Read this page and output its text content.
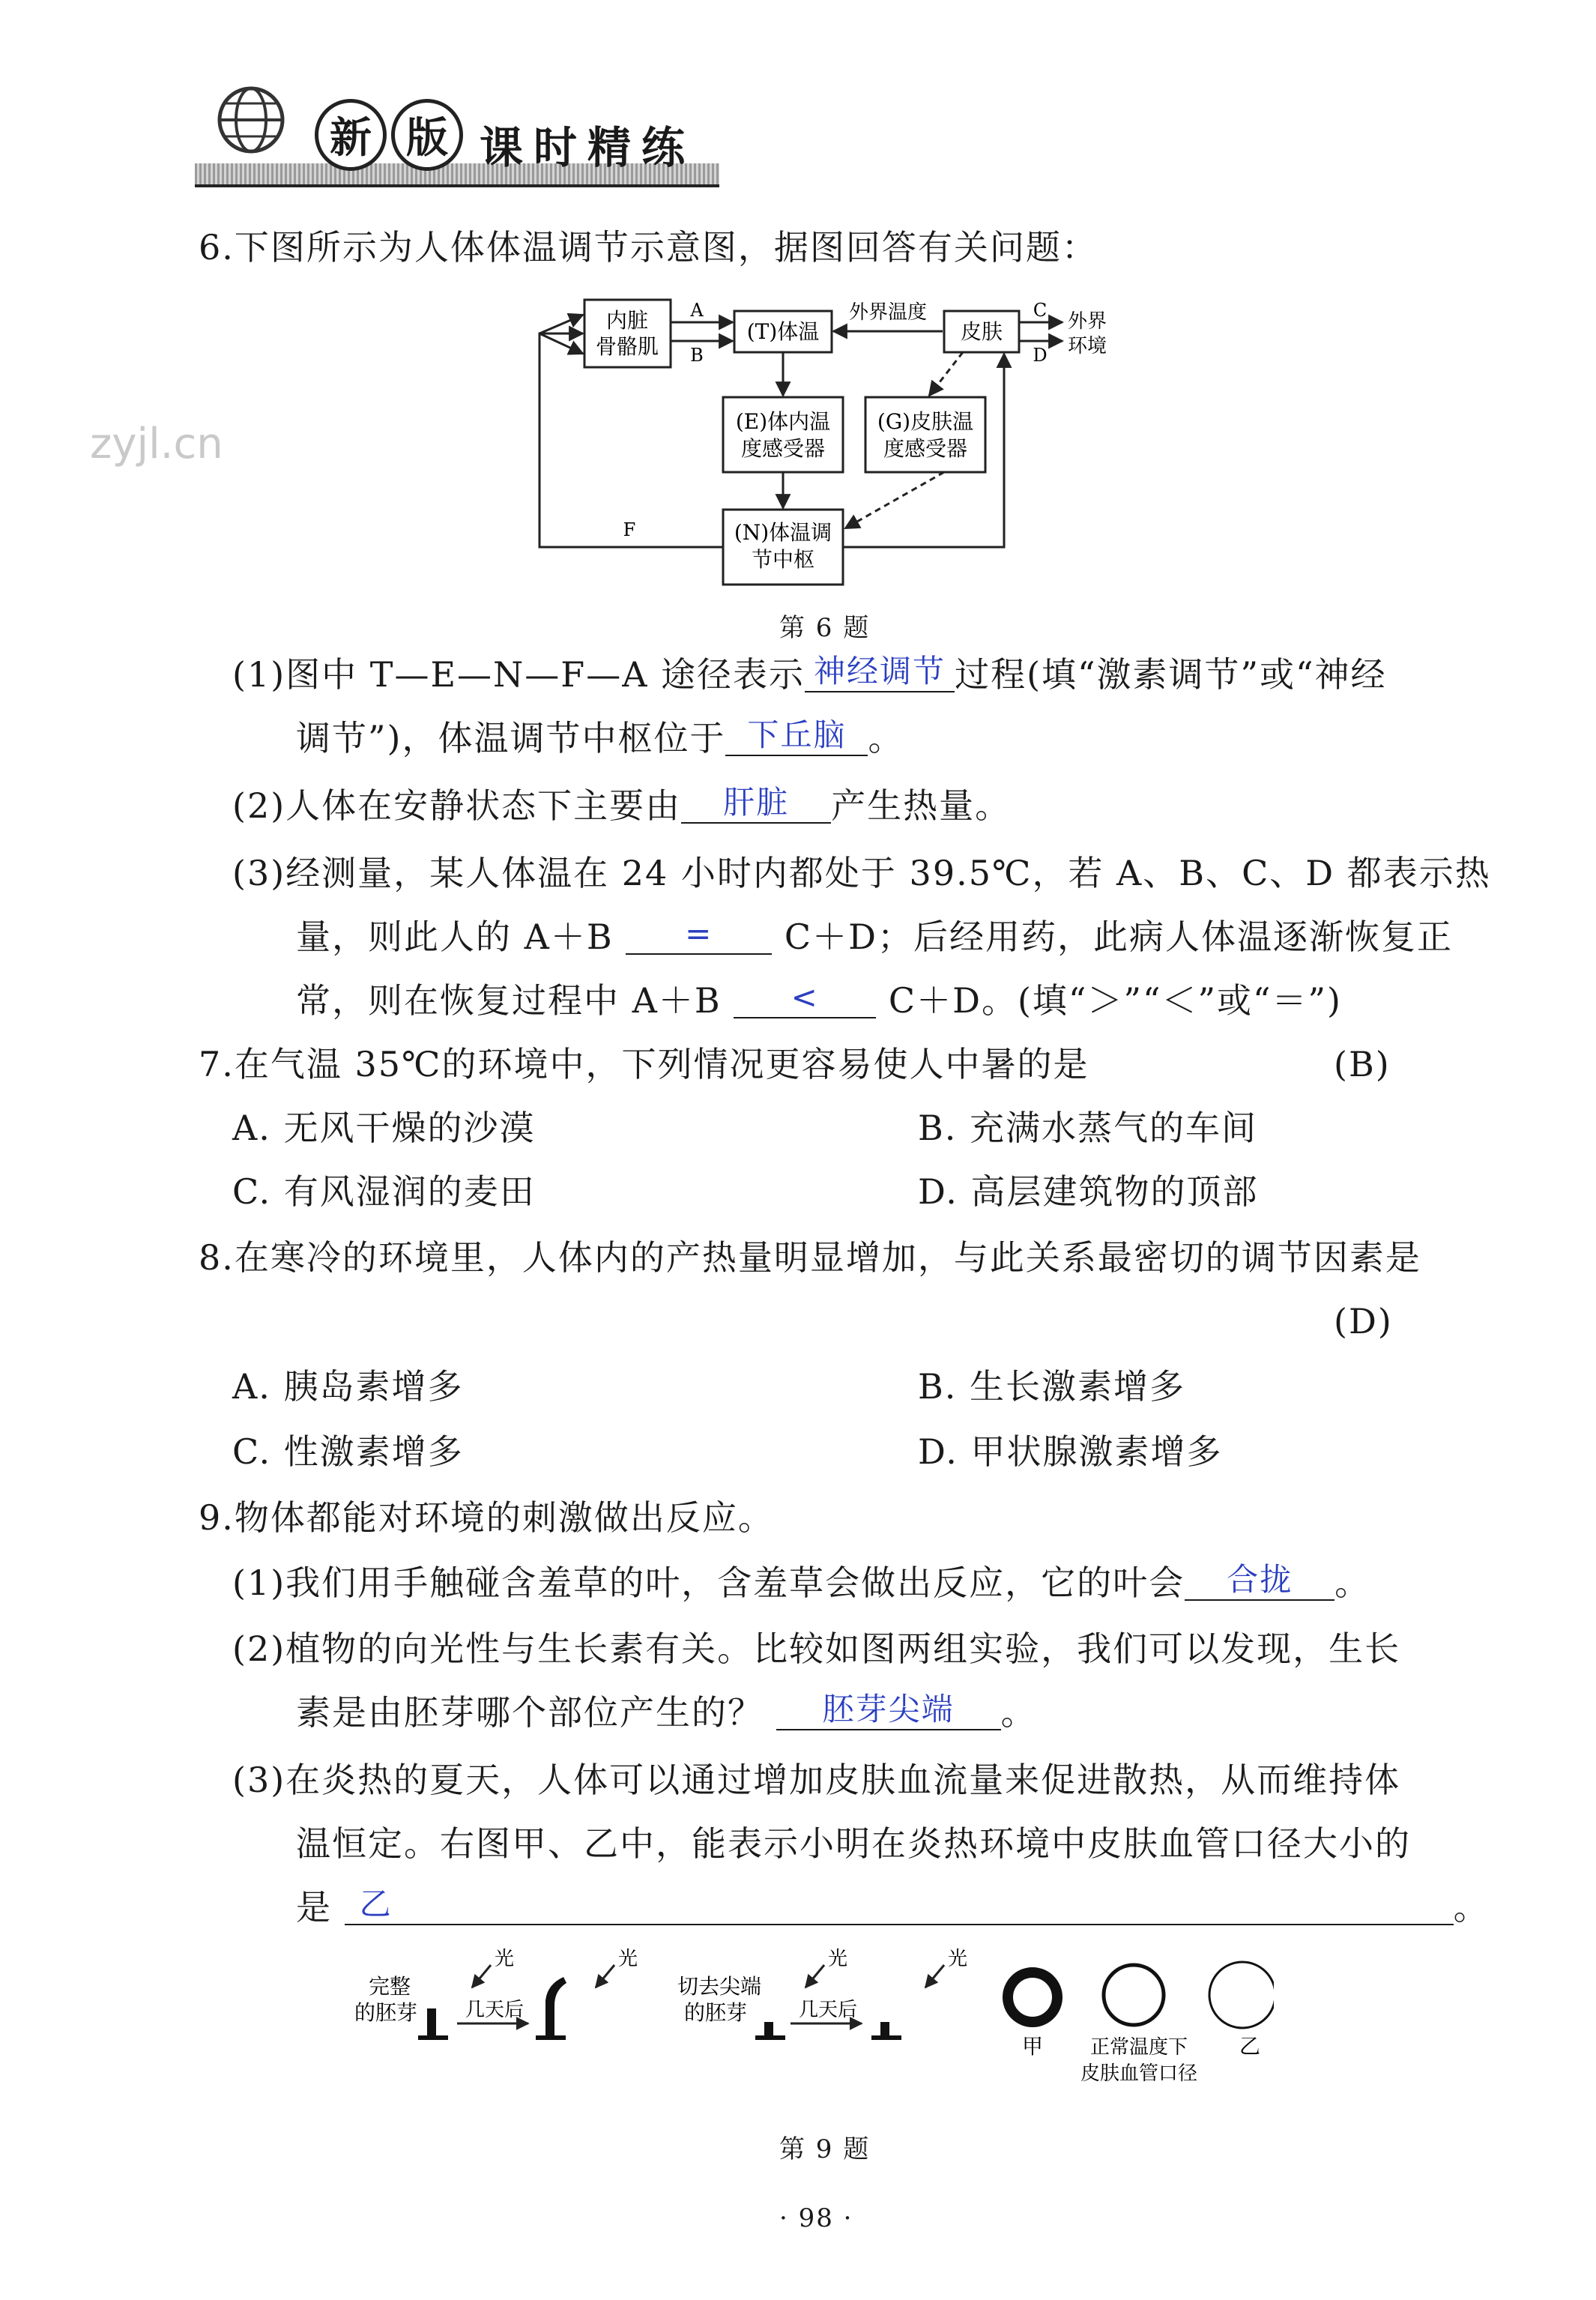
新 版 课时精练
zyjl.cn
6.下图所示为人体体温调节示意图，据图回答有关问题：
内脏
骨骼肌
(T)体温	皮肤
(E)体内温
度感受器
(G)皮肤温
度感受器
(N)体温调
节中枢
A
B
外界温度	C
D
外界
环境
F
第 6 题
(1)图中 T—E—N—F—A 途径表示 神经调节 过程(填“激素调节”或“神经
调节”)，体温调节中枢位于 下丘脑 。
(2)人体在安静状态下主要由 肝脏 产生热量。
(3)经测量，某人体温在 24 小时内都处于 39.5℃，若 A、B、C、D 都表示热
量，则此人的 A＋B = C＋D；后经用药，此病人体温逐渐恢复正
常，则在恢复过程中 A＋B < C＋D。(填“＞”“＜”或“＝”)
7.在气温 35℃的环境中，下列情况更容易使人中暑的是	(B)
A. 无风干燥的沙漠	B. 充满水蒸气的车间
C. 有风湿润的麦田	D. 高层建筑物的顶部
8.在寒冷的环境里，人体内的产热量明显增加，与此关系最密切的调节因素是
(D)
A. 胰岛素增多	B. 生长激素增多
C. 性激素增多	D. 甲状腺激素增多
9.物体都能对环境的刺激做出反应。
(1)我们用手触碰含羞草的叶，含羞草会做出反应，它的叶会 合拢 。
(2)植物的向光性与生长素有关。比较如图两组实验，我们可以发现，生长
素是由胚芽哪个部位产生的？ 胚芽尖端 。
(3)在炎热的夏天，人体可以通过增加皮肤血流量来促进散热，从而维持体
温恒定。右图甲、乙中，能表示小明在炎热环境中皮肤血管口径大小的
是 乙	。
完整
的胚芽
光
几天后
光
切去尖端
的胚芽
光
几天后
光
甲 正常温度下
皮肤血管口径
乙
第 9 题
· 98 ·
